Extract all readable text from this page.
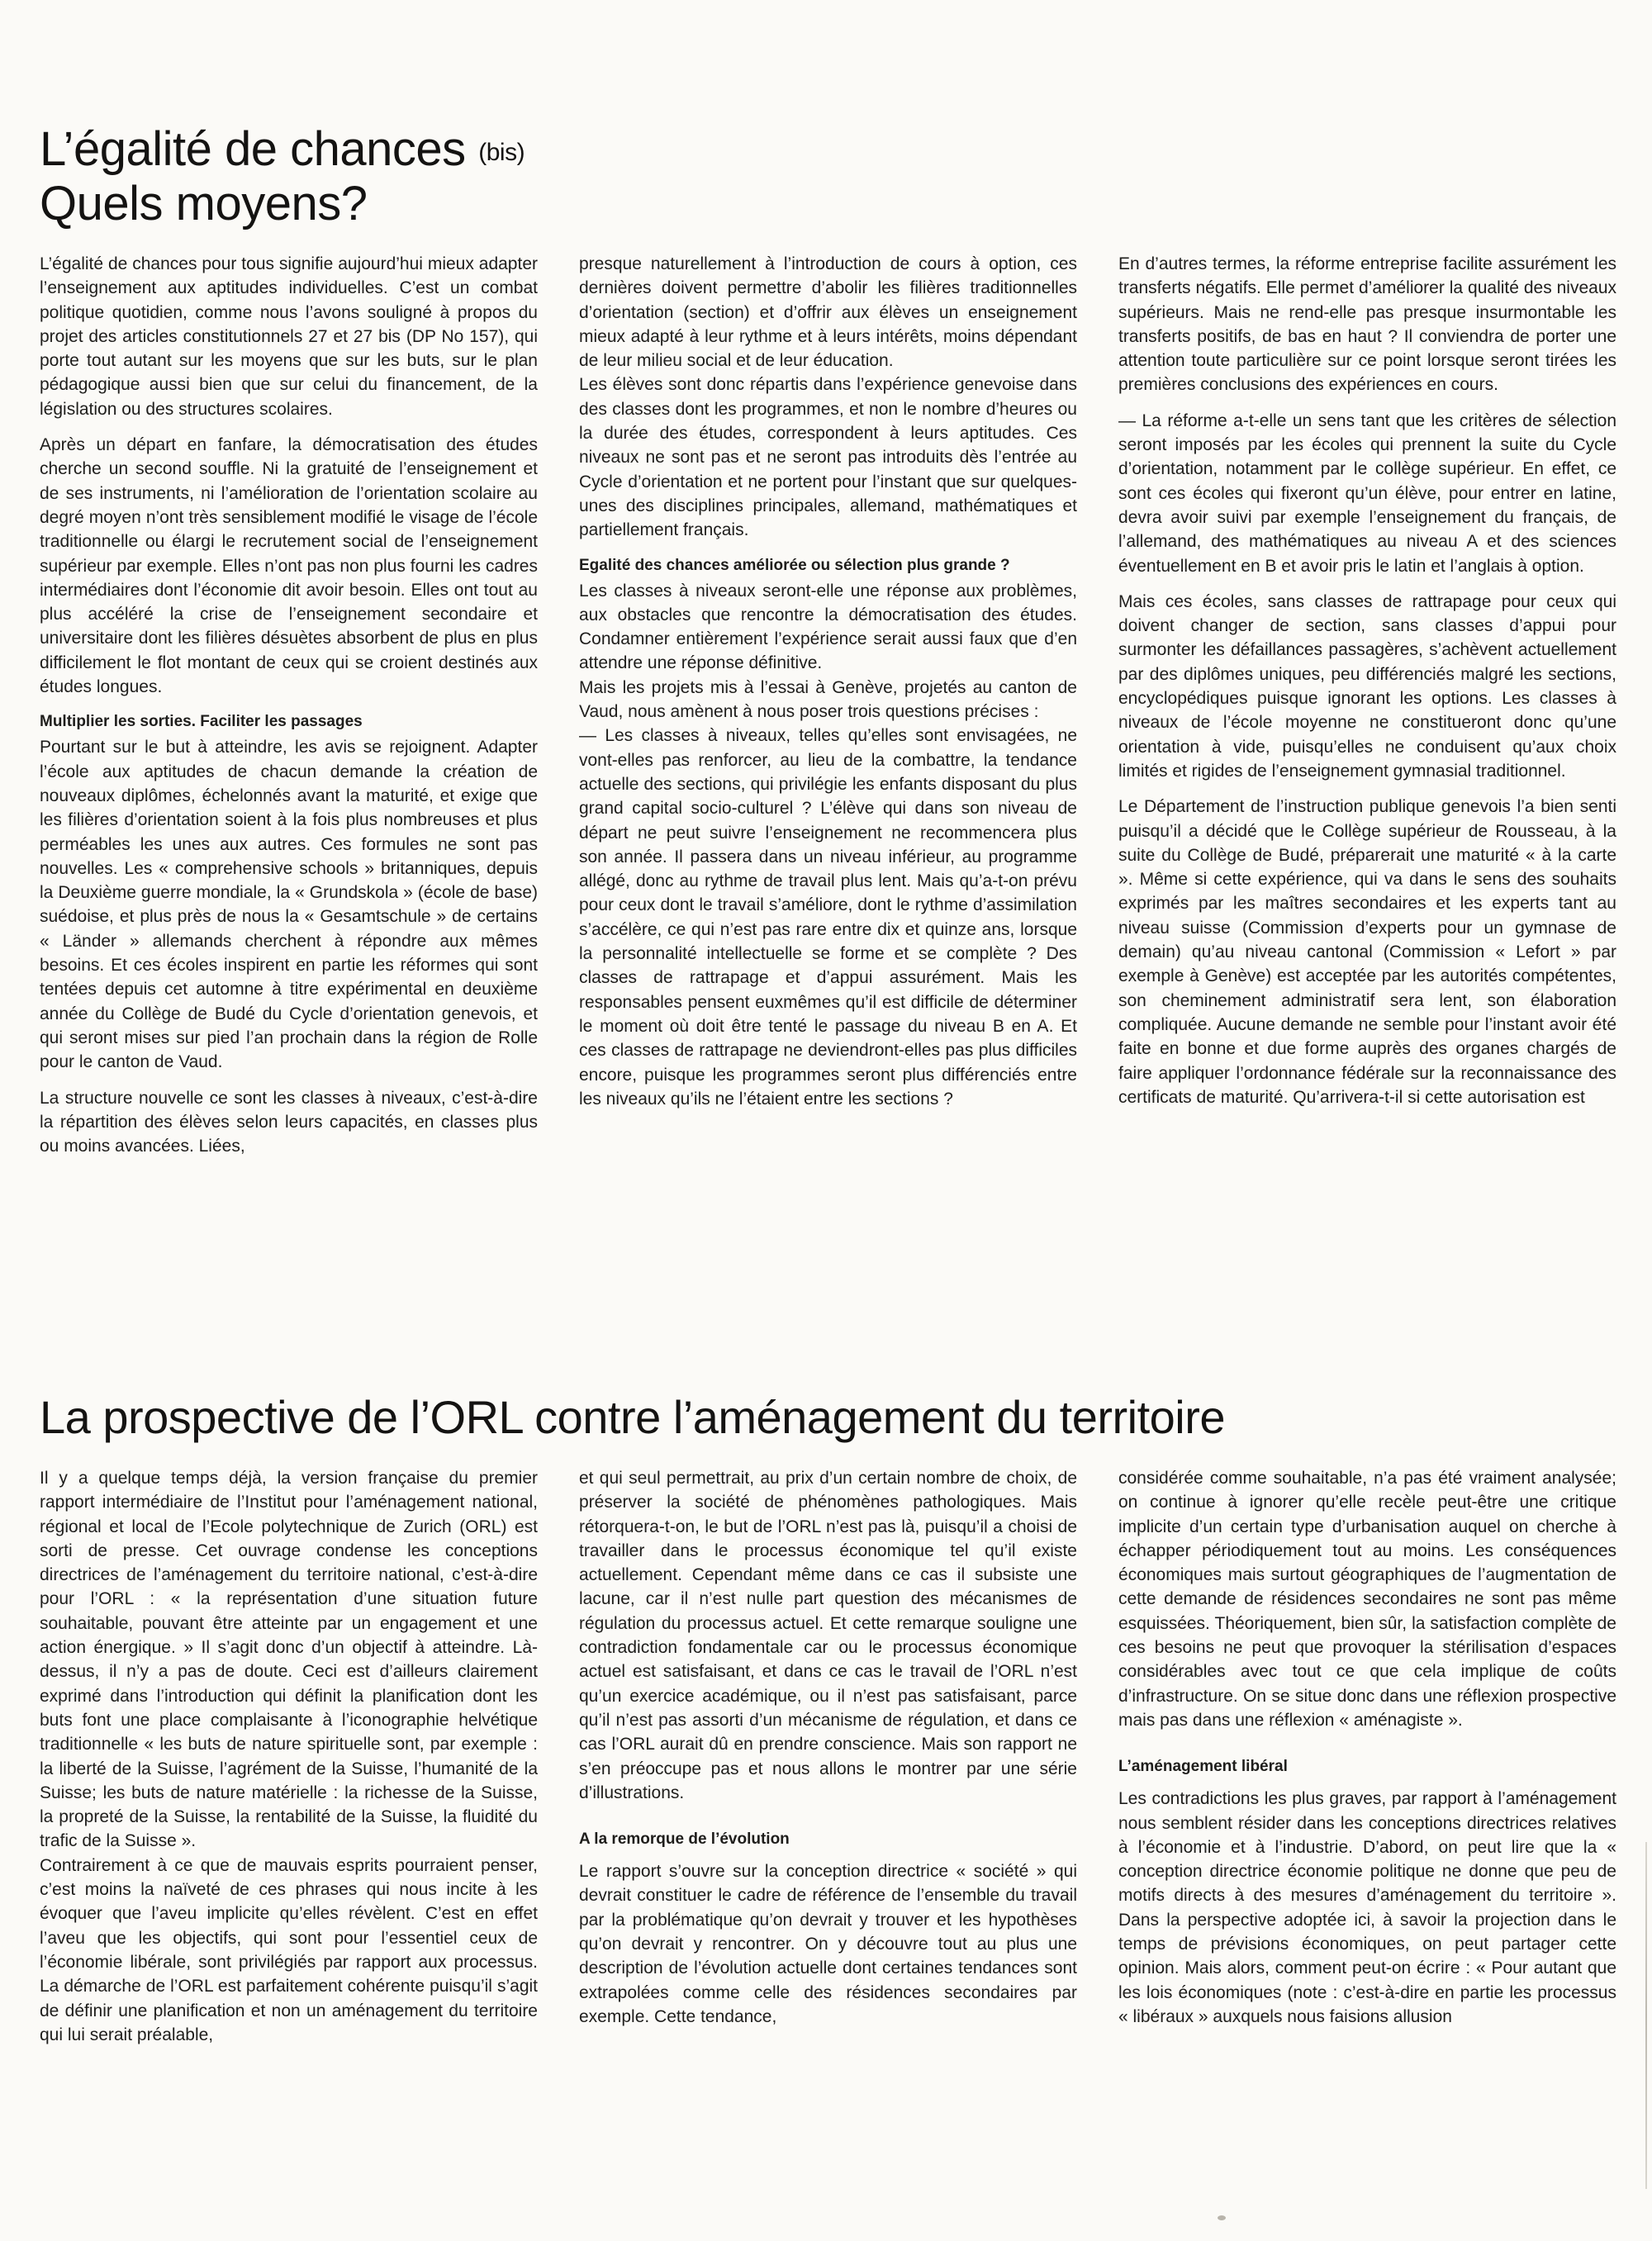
L’égalité de chances (bis)
Quels moyens?

L’égalité de chances pour tous signifie aujourd’hui mieux adapter l’enseignement aux aptitudes individuelles. C’est un combat politique quotidien, comme nous l’avons souligné à propos du projet des articles constitutionnels 27 et 27 bis (DP No 157), qui porte tout autant sur les moyens que sur les buts, sur le plan pédagogique aussi bien que sur celui du financement, de la législation ou des structures scolaires.

Après un départ en fanfare, la démocratisation des études cherche un second souffle. Ni la gratuité de l’enseignement et de ses instruments, ni l’amélioration de l’orientation scolaire au degré moyen n’ont très sensiblement modifié le visage de l’école traditionnelle ou élargi le recrutement social de l’enseignement supérieur par exemple. Elles n’ont pas non plus fourni les cadres intermédiaires dont l’économie dit avoir besoin. Elles ont tout au plus accéléré la crise de l’enseignement secondaire et universitaire dont les filières désuètes absorbent de plus en plus difficilement le flot montant de ceux qui se croient destinés aux études longues.

Multiplier les sorties. Faciliter les passages

Pourtant sur le but à atteindre, les avis se rejoignent. Adapter l’école aux aptitudes de chacun demande la création de nouveaux diplômes, échelonnés avant la maturité, et exige que les filières d’orientation soient à la fois plus nombreuses et plus perméables les unes aux autres. Ces formules ne sont pas nouvelles. Les « comprehensive schools » britanniques, depuis la Deuxième guerre mondiale, la « Grundskola » (école de base) suédoise, et plus près de nous la « Gesamtschule » de certains « Länder » allemands cherchent à répondre aux mêmes besoins. Et ces écoles inspirent en partie les réformes qui sont tentées depuis cet automne à titre expérimental en deuxième année du Collège de Budé du Cycle d’orientation genevois, et qui seront mises sur pied l’an prochain dans la région de Rolle pour le canton de Vaud.

La structure nouvelle ce sont les classes à niveaux, c’est-à-dire la répartition des élèves selon leurs capacités, en classes plus ou moins avancées. Liées,

presque naturellement à l’introduction de cours à option, ces dernières doivent permettre d’abolir les filières traditionnelles d’orientation (section) et d’offrir aux élèves un enseignement mieux adapté à leur rythme et à leurs intérêts, moins dépendant de leur milieu social et de leur éducation.

Les élèves sont donc répartis dans l’expérience genevoise dans des classes dont les programmes, et non le nombre d’heures ou la durée des études, correspondent à leurs aptitudes. Ces niveaux ne sont pas et ne seront pas introduits dès l’entrée au Cycle d’orientation et ne portent pour l’instant que sur quelques-unes des disciplines principales, allemand, mathématiques et partiellement français.

Egalité des chances améliorée ou sélection plus grande ?

Les classes à niveaux seront-elle une réponse aux problèmes, aux obstacles que rencontre la démocratisation des études. Condamner entièrement l’expérience serait aussi faux que d’en attendre une réponse définitive.

Mais les projets mis à l’essai à Genève, projetés au canton de Vaud, nous amènent à nous poser trois questions précises :

— Les classes à niveaux, telles qu’elles sont envisagées, ne vont-elles pas renforcer, au lieu de la combattre, la tendance actuelle des sections, qui privilégie les enfants disposant du plus grand capital socio-culturel ? L’élève qui dans son niveau de départ ne peut suivre l’enseignement ne recommencera plus son année. Il passera dans un niveau inférieur, au programme allégé, donc au rythme de travail plus lent. Mais qu’a-t-on prévu pour ceux dont le travail s’améliore, dont le rythme d’assimilation s’accélère, ce qui n’est pas rare entre dix et quinze ans, lorsque la personnalité intellectuelle se forme et se complète ? Des classes de rattrapage et d’appui assurément. Mais les responsables pensent euxmêmes qu’il est difficile de déterminer le moment où doit être tenté le passage du niveau B en A. Et ces classes de rattrapage ne deviendront-elles pas plus difficiles encore, puisque les programmes seront plus différenciés entre les niveaux qu’ils ne l’étaient entre les sections ?

En d’autres termes, la réforme entreprise facilite assurément les transferts négatifs. Elle permet d’améliorer la qualité des niveaux supérieurs. Mais ne rend-elle pas presque insurmontable les transferts positifs, de bas en haut ? Il conviendra de porter une attention toute particulière sur ce point lorsque seront tirées les premières conclusions des expériences en cours.

— La réforme a-t-elle un sens tant que les critères de sélection seront imposés par les écoles qui prennent la suite du Cycle d’orientation, notamment par le collège supérieur. En effet, ce sont ces écoles qui fixeront qu’un élève, pour entrer en latine, devra avoir suivi par exemple l’enseignement du français, de l’allemand, des mathématiques au niveau A et des sciences éventuellement en B et avoir pris le latin et l’anglais à option.

Mais ces écoles, sans classes de rattrapage pour ceux qui doivent changer de section, sans classes d’appui pour surmonter les défaillances passagères, s’achèvent actuellement par des diplômes uniques, peu différenciés malgré les sections, encyclopédiques puisque ignorant les options. Les classes à niveaux de l’école moyenne ne constitueront donc qu’une orientation à vide, puisqu’elles ne conduisent qu’aux choix limités et rigides de l’enseignement gymnasial traditionnel.

Le Département de l’instruction publique genevois l’a bien senti puisqu’il a décidé que le Collège supérieur de Rousseau, à la suite du Collège de Budé, préparerait une maturité « à la carte ». Même si cette expérience, qui va dans le sens des souhaits exprimés par les maîtres secondaires et les experts tant au niveau suisse (Commission d’experts pour un gymnase de demain) qu’au niveau cantonal (Commission « Lefort » par exemple à Genève) est acceptée par les autorités compétentes, son cheminement administratif sera lent, son élaboration compliquée. Aucune demande ne semble pour l’instant avoir été faite en bonne et due forme auprès des organes chargés de faire appliquer l’ordonnance fédérale sur la reconnaissance des certificats de maturité. Qu’arrivera-t-il si cette autorisation est

La prospective de l’ORL contre l’aménagement du territoire

Il y a quelque temps déjà, la version française du premier rapport intermédiaire de l’Institut pour l’aménagement national, régional et local de l’Ecole polytechnique de Zurich (ORL) est sorti de presse. Cet ouvrage condense les conceptions directrices de l’aménagement du territoire national, c’est-à-dire pour l’ORL : « la représentation d’une situation future souhaitable, pouvant être atteinte par un engagement et une action énergique. » Il s’agit donc d’un objectif à atteindre. Là-dessus, il n’y a pas de doute. Ceci est d’ailleurs clairement exprimé dans l’introduction qui définit la planification dont les buts font une place complaisante à l’iconographie helvétique traditionnelle « les buts de nature spirituelle sont, par exemple : la liberté de la Suisse, l’agrément de la Suisse, l’humanité de la Suisse; les buts de nature matérielle : la richesse de la Suisse, la propreté de la Suisse, la rentabilité de la Suisse, la fluidité du trafic de la Suisse ».

Contrairement à ce que de mauvais esprits pourraient penser, c’est moins la naïveté de ces phrases qui nous incite à les évoquer que l’aveu implicite qu’elles révèlent. C’est en effet l’aveu que les objectifs, qui sont pour l’essentiel ceux de l’économie libérale, sont privilégiés par rapport aux processus. La démarche de l’ORL est parfaitement cohérente puisqu’il s’agit de définir une planification et non un aménagement du territoire qui lui serait préalable,

et qui seul permettrait, au prix d’un certain nombre de choix, de préserver la société de phénomènes pathologiques. Mais rétorquera-t-on, le but de l’ORL n’est pas là, puisqu’il a choisi de travailler dans le processus économique tel qu’il existe actuellement. Cependant même dans ce cas il subsiste une lacune, car il n’est nulle part question des mécanismes de régulation du processus actuel. Et cette remarque souligne une contradiction fondamentale car ou le processus économique actuel est satisfaisant, et dans ce cas le travail de l’ORL n’est qu’un exercice académique, ou il n’est pas satisfaisant, parce qu’il n’est pas assorti d’un mécanisme de régulation, et dans ce cas l’ORL aurait dû en prendre conscience. Mais son rapport ne s’en préoccupe pas et nous allons le montrer par une série d’illustrations.

A la remorque de l’évolution

Le rapport s’ouvre sur la conception directrice « société » qui devrait constituer le cadre de référence de l’ensemble du travail par la problématique qu’on devrait y trouver et les hypothèses qu’on devrait y rencontrer. On y découvre tout au plus une description de l’évolution actuelle dont certaines tendances sont extrapolées comme celle des résidences secondaires par exemple. Cette tendance,

considérée comme souhaitable, n’a pas été vraiment analysée; on continue à ignorer qu’elle recèle peut-être une critique implicite d’un certain type d’urbanisation auquel on cherche à échapper périodiquement tout au moins. Les conséquences économiques mais surtout géographiques de l’augmentation de cette demande de résidences secondaires ne sont pas même esquissées. Théoriquement, bien sûr, la satisfaction complète de ces besoins ne peut que provoquer la stérilisation d’espaces considérables avec tout ce que cela implique de coûts d’infrastructure. On se situe donc dans une réflexion prospective mais pas dans une réflexion « aménagiste ».

L’aménagement libéral

Les contradictions les plus graves, par rapport à l’aménagement nous semblent résider dans les conceptions directrices relatives à l’économie et à l’industrie. D’abord, on peut lire que la « conception directrice économie politique ne donne que peu de motifs directs à des mesures d’aménagement du territoire ». Dans la perspective adoptée ici, à savoir la projection dans le temps de prévisions économiques, on peut partager cette opinion. Mais alors, comment peut-on écrire : « Pour autant que les lois économiques (note : c’est-à-dire en partie les processus « libéraux » auxquels nous faisions allusion
